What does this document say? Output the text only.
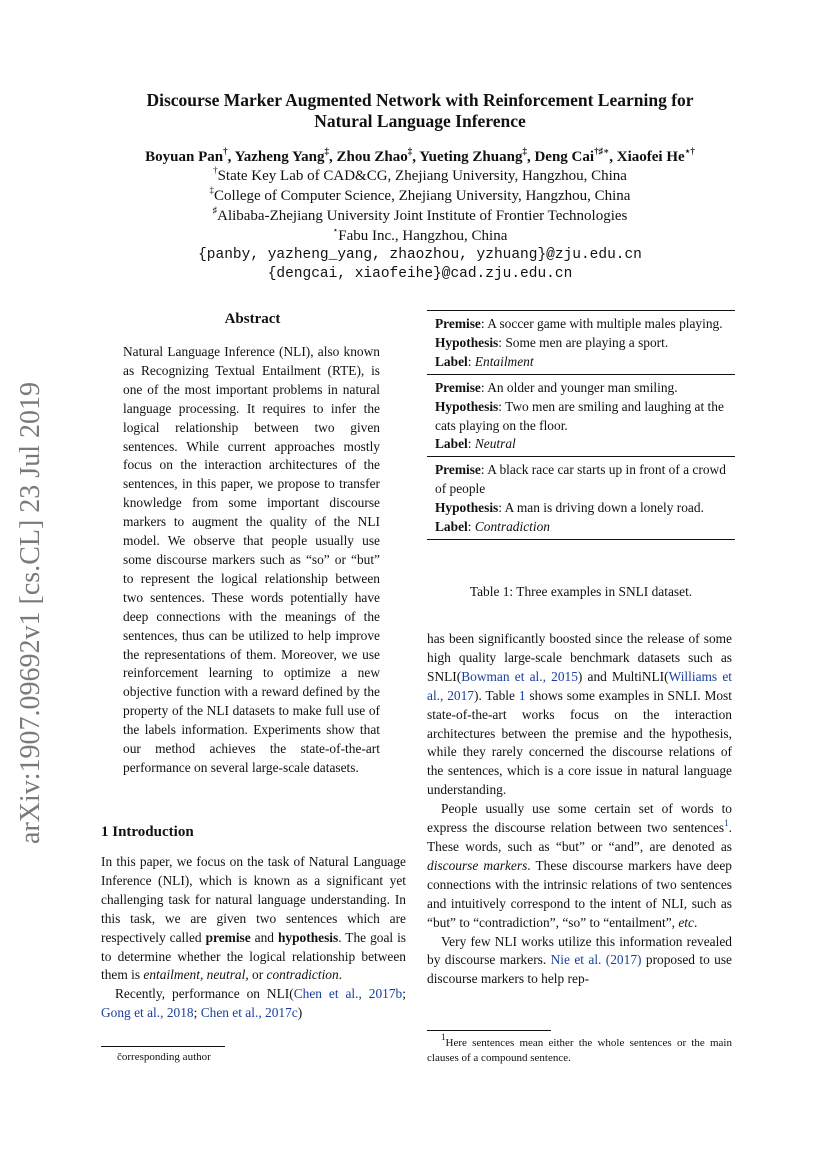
arXiv:1907.09692v1 [cs.CL] 23 Jul 2019
Discourse Marker Augmented Network with Reinforcement Learning for
Natural Language Inference
Boyuan Pan†, Yazheng Yang‡, Zhou Zhao‡, Yueting Zhuang‡, Deng Cai†♯∗, Xiaofei He⋆†
†State Key Lab of CAD&CG, Zhejiang University, Hangzhou, China
‡College of Computer Science, Zhejiang University, Hangzhou, China
♯Alibaba-Zhejiang University Joint Institute of Frontier Technologies
⋆Fabu Inc., Hangzhou, China
{panby, yazheng_yang, zhaozhou, yzhuang}@zju.edu.cn
{dengcai, xiaofeihe}@cad.zju.edu.cn
Abstract

Natural Language Inference (NLI), also known as Recognizing Textual Entailment (RTE), is one of the most important problems in natural language processing. It requires to infer the logical relationship between two given sentences. While current approaches mostly focus on the interaction architectures of the sentences, in this paper, we propose to transfer knowledge from some important discourse markers to augment the quality of the NLI model. We observe that people usually use some discourse markers such as “so” or “but” to represent the logical relationship between two sentences. These words potentially have deep connections with the meanings of the sentences, thus can be utilized to help improve the representations of them. Moreover, we use reinforcement learning to optimize a new objective function with a reward defined by the property of the NLI datasets to make full use of the labels information. Experiments show that our method achieves the state-of-the-art performance on several large-scale datasets.

1 Introduction

In this paper, we focus on the task of Natural Language Inference (NLI), which is known as a significant yet challenging task for natural language understanding. In this task, we are given two sentences which are respectively called premise and hypothesis. The goal is to determine whether the logical relationship between them is entailment, neutral, or contradiction.

Recently, performance on NLI(Chen et al., 2017b; Gong et al., 2018; Chen et al., 2017c)

Premise: A soccer game with multiple males playing.
Hypothesis: Some men are playing a sport.
Label: Entailment
Premise: An older and younger man smiling.
Hypothesis: Two men are smiling and laughing at the cats playing on the floor.
Label: Neutral
Premise: A black race car starts up in front of a crowd of people
Hypothesis: A man is driving down a lonely road.
Label: Contradiction
Table 1: Three examples in SNLI dataset.

has been significantly boosted since the release of some high quality large-scale benchmark datasets such as SNLI(Bowman et al., 2015) and MultiNLI(Williams et al., 2017). Table 1 shows some examples in SNLI. Most state-of-the-art works focus on the interaction architectures between the premise and the hypothesis, while they rarely concerned the discourse relations of the sentences, which is a core issue in natural language understanding.

People usually use some certain set of words to express the discourse relation between two sentences$^1$. These words, such as “but” or “and”, are denoted as discourse markers. These discourse markers have deep connections with the intrinsic relations of two sentences and intuitively correspond to the intent of NLI, such as “but” to “contradiction”, “so” to “entailment”, etc.

Very few NLI works utilize this information revealed by discourse markers. Nie et al. (2017) proposed to use discourse markers to help rep-

čorresponding author
$^1$Here sentences mean either the whole sentences or the main clauses of a compound sentence.
